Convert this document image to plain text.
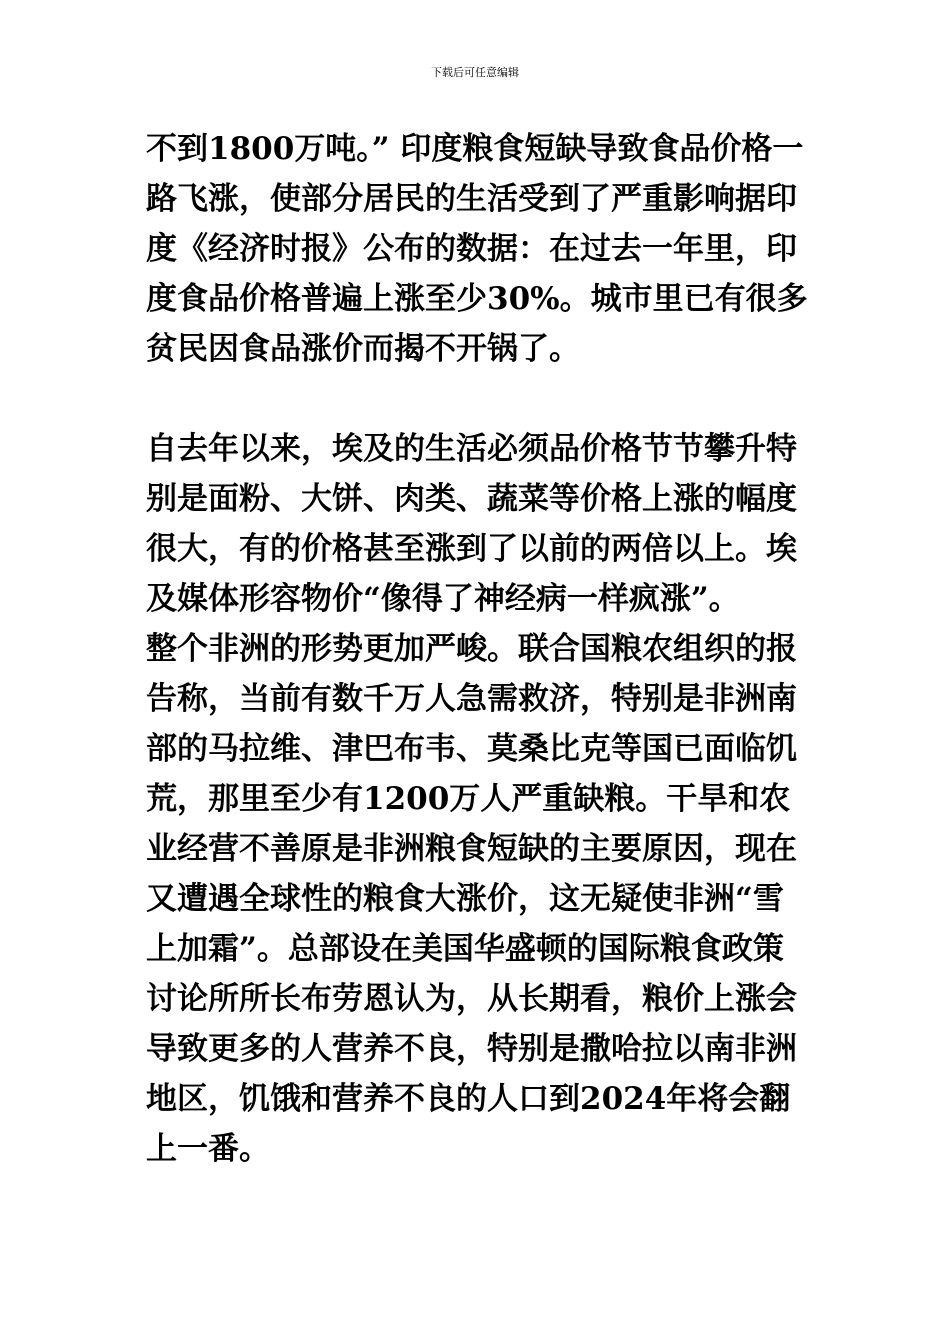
下载后可任意编辑

不到1800万吨。” 印度粮食短缺导致食品价格一路飞涨，使部分居民的生活受到了严重影响据印度《经济时报》公布的数据：在过去一年里，印度食品价格普遍上涨至少30%。城市里已有很多贫民因食品涨价而揭不开锅了。

自去年以来，埃及的生活必须品价格节节攀升特别是面粉、大饼、肉类、蔬菜等价格上涨的幅度很大，有的价格甚至涨到了以前的两倍以上。埃及媒体形容物价“像得了神经病一样疯涨”。

整个非洲的形势更加严峻。联合国粮农组织的报告称，当前有数千万人急需救济，特别是非洲南部的马拉维、津巴布韦、莫桑比克等国已面临饥荒，那里至少有1200万人严重缺粮。干旱和农业经营不善原是非洲粮食短缺的主要原因，现在又遭遇全球性的粮食大涨价，这无疑使非洲“雪上加霜”。总部设在美国华盛顿的国际粮食政策讨论所所长布劳恩认为，从长期看，粮价上涨会导致更多的人营养不良，特别是撒哈拉以南非洲地区，饥饿和营养不良的人口到2024年将会翻上一番。
